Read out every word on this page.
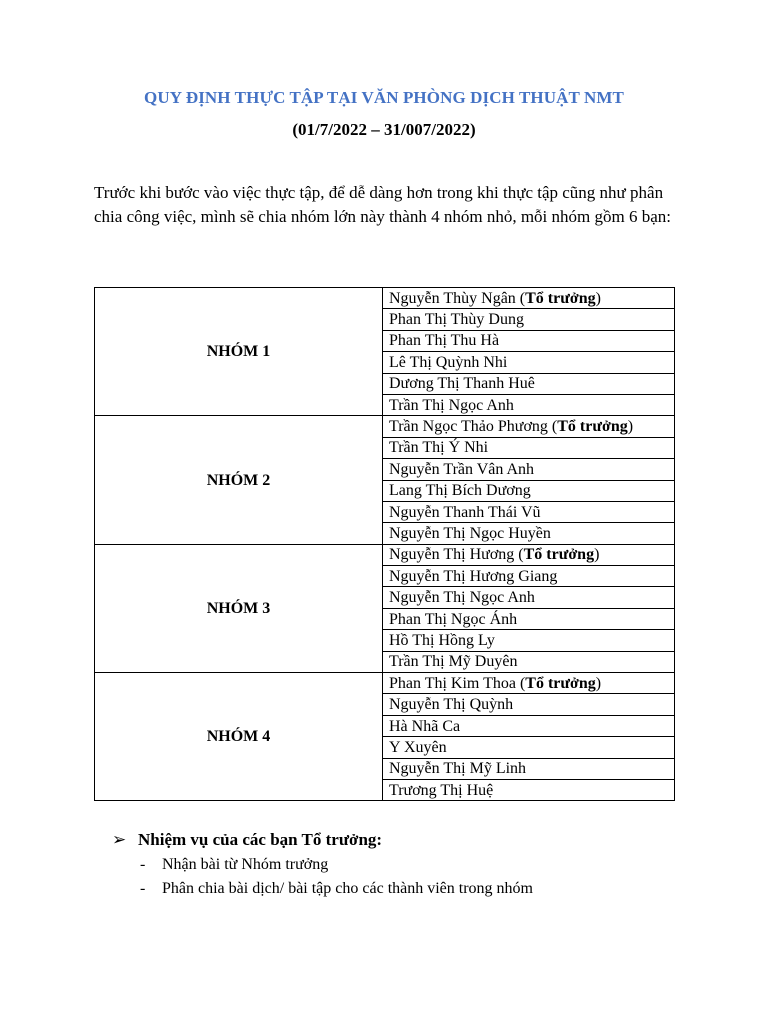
QUY ĐỊNH THỰC TẬP TẠI VĂN PHÒNG DỊCH THUẬT NMT
(01/7/2022 – 31/007/2022)

Trước khi bước vào việc thực tập, để dễ dàng hơn trong khi thực tập cũng như phân chia công việc, mình sẽ chia nhóm lớn này thành 4 nhóm nhỏ, mỗi nhóm gồm 6 bạn:

NHÓM 1	Nguyễn Thùy Ngân (Tổ trưởng)
	Phan Thị Thùy Dung
	Phan Thị Thu Hà
	Lê Thị Quỳnh Nhi
	Dương Thị Thanh Huê
	Trần Thị Ngọc Anh
NHÓM 2	Trần Ngọc Thảo Phương (Tổ trưởng)
	Trần Thị Ý Nhi
	Nguyễn Trần Vân Anh
	Lang Thị Bích Dương
	Nguyễn Thanh Thái Vũ
	Nguyễn Thị Ngọc Huyền
NHÓM 3	Nguyễn Thị Hương (Tổ trưởng)
	Nguyễn Thị Hương Giang
	Nguyễn Thị Ngọc Anh
	Phan Thị Ngọc Ánh
	Hồ Thị Hồng Ly
	Trần Thị Mỹ Duyên
NHÓM 4	Phan Thị Kim Thoa (Tổ trưởng)
	Nguyễn Thị Quỳnh
	Hà Nhã Ca
	Y Xuyên
	Nguyễn Thị Mỹ Linh
	Trương Thị Huệ
➢ Nhiệm vụ của các bạn Tổ trưởng:
-	Nhận bài từ Nhóm trưởng
-	Phân chia bài dịch/ bài tập cho các thành viên trong nhóm
